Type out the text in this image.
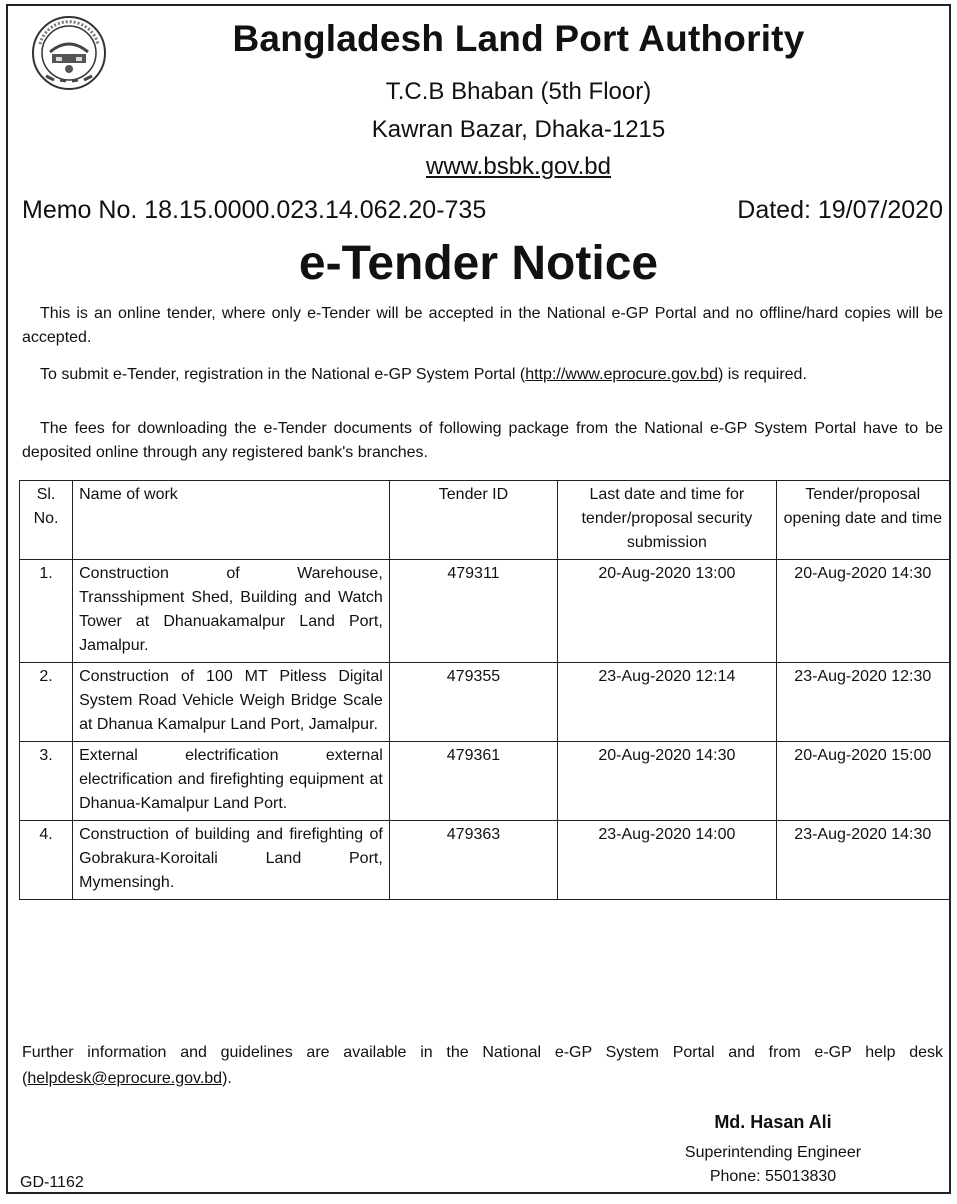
Bangladesh Land Port Authority
T.C.B Bhaban (5th Floor)
Kawran Bazar, Dhaka-1215
www.bsbk.gov.bd
Memo No. 18.15.0000.023.14.062.20-735	Dated: 19/07/2020
e-Tender Notice
This is an online tender, where only e-Tender will be accepted in the National e-GP Portal and no offline/hard copies will be accepted.
To submit e-Tender, registration in the National e-GP System Portal (http://www.eprocure.gov.bd) is required.
The fees for downloading the e-Tender documents of following package from the National e-GP System Portal have to be deposited online through any registered bank's branches.
Sl. No.	Name of work	Tender ID	Last date and time for tender/proposal security submission	Tender/proposal opening date and time
1.	Construction of Warehouse, Transshipment Shed, Building and Watch Tower at Dhanuakamalpur Land Port, Jamalpur.	479311	20-Aug-2020 13:00	20-Aug-2020 14:30
2.	Construction of 100 MT Pitless Digital System Road Vehicle Weigh Bridge Scale at Dhanua Kamalpur Land Port, Jamalpur.	479355	23-Aug-2020 12:14	23-Aug-2020 12:30
3.	External electrification external electrification and firefighting equipment at Dhanua-Kamalpur Land Port.	479361	20-Aug-2020 14:30	20-Aug-2020 15:00
4.	Construction of building and firefighting of Gobrakura-Koroitali Land Port, Mymensingh.	479363	23-Aug-2020 14:00	23-Aug-2020 14:30
Further information and guidelines are available in the National e-GP System Portal and from e-GP help desk (helpdesk@eprocure.gov.bd).
Md. Hasan Ali
Superintending Engineer
Phone: 55013830
GD-1162
